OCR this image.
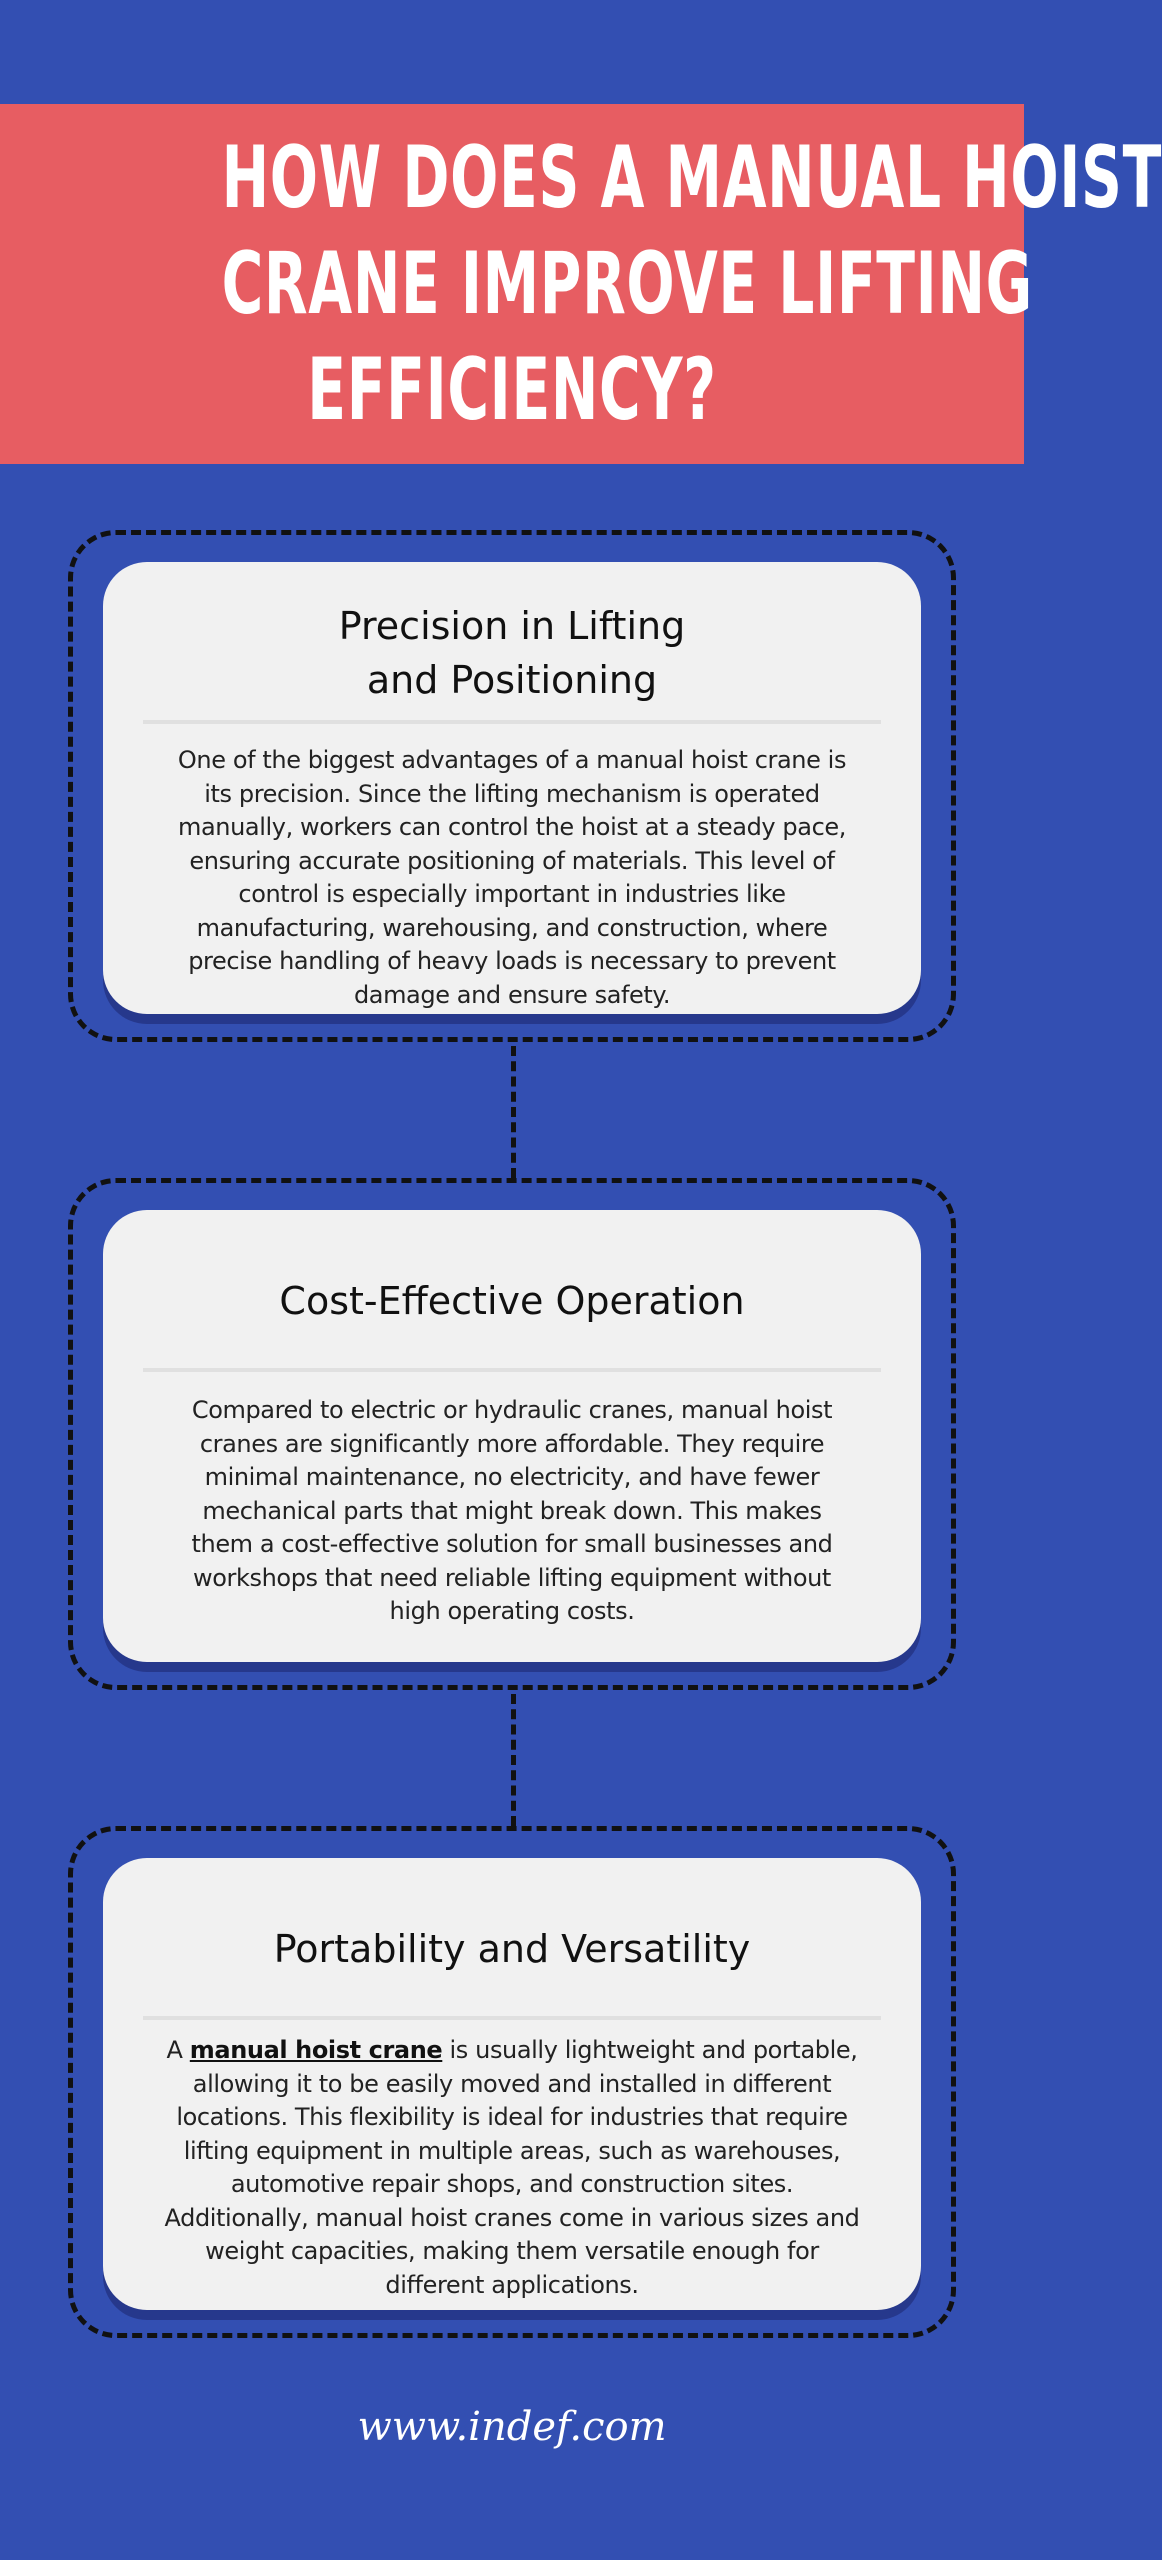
HOW DOES A MANUAL HOIST
CRANE IMPROVE LIFTING
EFFICIENCY?
Precision in Lifting
and Positioning
One of the biggest advantages of a manual hoist crane is its precision. Since the lifting mechanism is operated manually, workers can control the hoist at a steady pace, ensuring accurate positioning of materials. This level of control is especially important in industries like manufacturing, warehousing, and construction, where precise handling of heavy loads is necessary to prevent damage and ensure safety.
Cost-Effective Operation
Compared to electric or hydraulic cranes, manual hoist cranes are significantly more affordable. They require minimal maintenance, no electricity, and have fewer mechanical parts that might break down. This makes them a cost-effective solution for small businesses and workshops that need reliable lifting equipment without high operating costs.
Portability and Versatility
A manual hoist crane is usually lightweight and portable, allowing it to be easily moved and installed in different locations. This flexibility is ideal for industries that require lifting equipment in multiple areas, such as warehouses, automotive repair shops, and construction sites. Additionally, manual hoist cranes come in various sizes and weight capacities, making them versatile enough for different applications.
www.indef.com
